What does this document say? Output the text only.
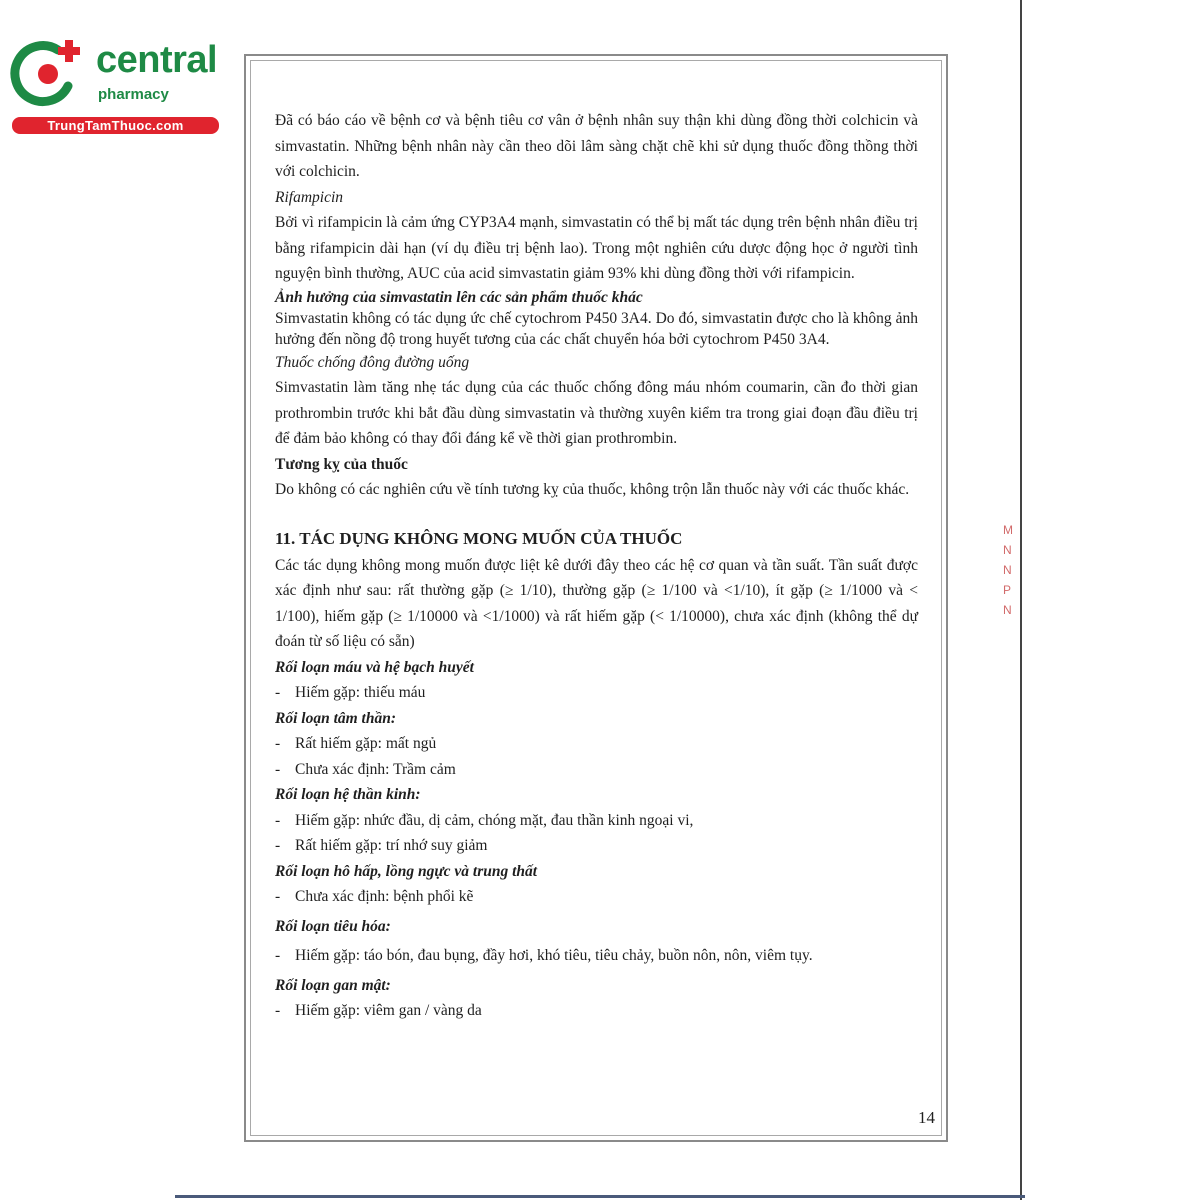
central
pharmacy
TrungTamThuoc.com
M
N
N
P
N

Đã có báo cáo về bệnh cơ và bệnh tiêu cơ vân ở bệnh nhân suy thận khi dùng đồng thời colchicin và simvastatin. Những bệnh nhân này cần theo dõi lâm sàng chặt chẽ khi sử dụng thuốc đồng thồng thời với colchicin.

Rifampicin

Bởi vì rifampicin là cảm ứng CYP3A4 mạnh, simvastatin có thể bị mất tác dụng trên bệnh nhân điều trị bằng rifampicin dài hạn (ví dụ điều trị bệnh lao). Trong một nghiên cứu dược động học ở người tình nguyện bình thường, AUC của acid simvastatin giảm 93% khi dùng đồng thời với rifampicin.

Ảnh hưởng của simvastatin lên các sản phẩm thuốc khác

Simvastatin không có tác dụng ức chế cytochrom P450 3A4. Do đó, simvastatin được cho là không ảnh hưởng đến nồng độ trong huyết tương của các chất chuyển hóa bởi cytochrom P450 3A4.

Thuốc chống đông đường uống

Simvastatin làm tăng nhẹ tác dụng của các thuốc chống đông máu nhóm coumarin, cần đo thời gian prothrombin trước khi bắt đầu dùng simvastatin và thường xuyên kiểm tra trong giai đoạn đầu điều trị để đảm bảo không có thay đổi đáng kể về thời gian prothrombin.

Tương kỵ của thuốc

Do không có các nghiên cứu về tính tương kỵ của thuốc, không trộn lẫn thuốc này với các thuốc khác.

11. TÁC DỤNG KHÔNG MONG MUỐN CỦA THUỐC

Các tác dụng không mong muốn được liệt kê dưới đây theo các hệ cơ quan và tần suất. Tần suất được xác định như sau: rất thường gặp (≥ 1/10), thường gặp (≥ 1/100 và <1/10), ít gặp (≥ 1/1000 và < 1/100), hiếm gặp (≥ 1/10000 và <1/1000) và rất hiếm gặp (< 1/10000), chưa xác định (không thể dự đoán từ số liệu có sẵn)

Rối loạn máu và hệ bạch huyết

- Hiếm gặp: thiếu máu

Rối loạn tâm thần:

- Rất hiếm gặp: mất ngủ

- Chưa xác định: Trầm cảm

Rối loạn hệ thần kinh:

- Hiếm gặp: nhức đầu, dị cảm, chóng mặt, đau thần kinh ngoại vi,

- Rất hiếm gặp: trí nhớ suy giảm

Rối loạn hô hấp, lồng ngực và trung thất

- Chưa xác định: bệnh phổi kẽ

Rối loạn tiêu hóa:

- Hiếm gặp: táo bón, đau bụng, đầy hơi, khó tiêu, tiêu chảy, buồn nôn, nôn, viêm tụy.

Rối loạn gan mật:

- Hiếm gặp: viêm gan / vàng da

14
